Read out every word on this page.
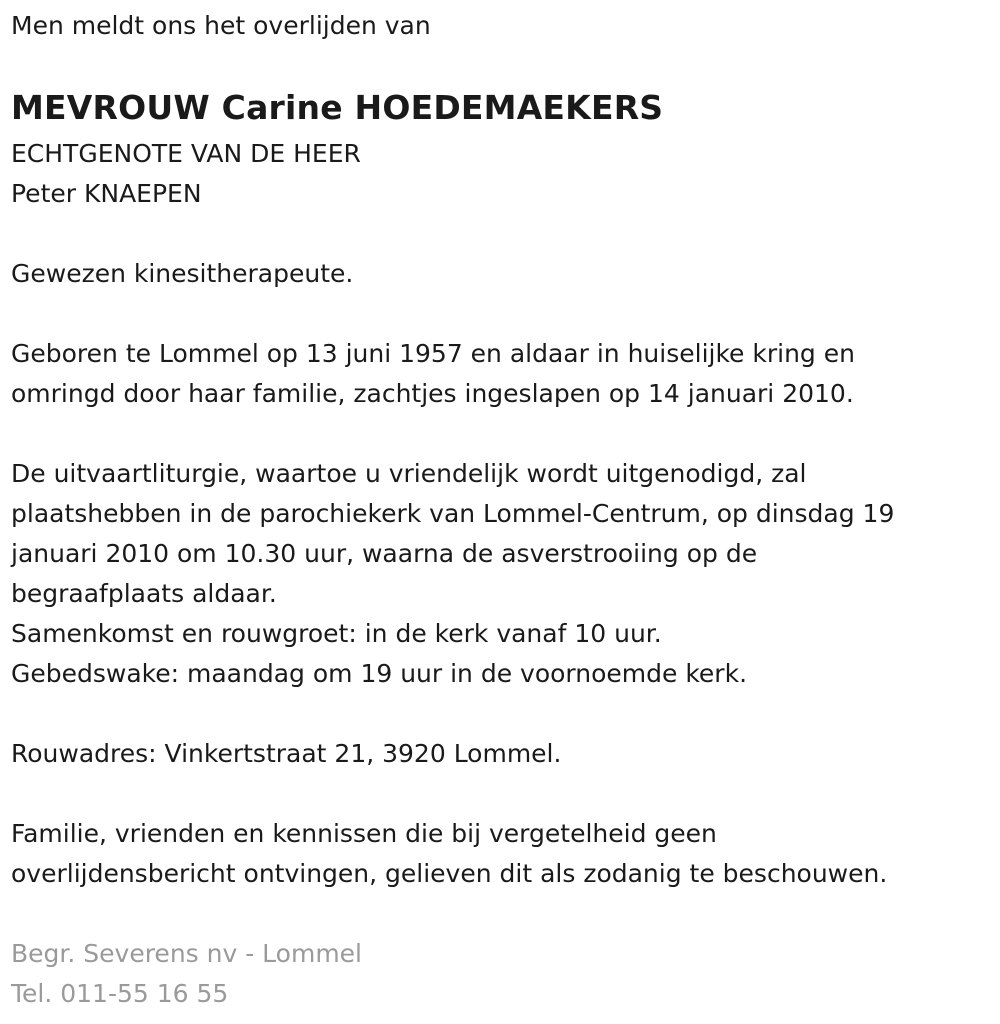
Men meldt ons het overlijden van

MEVROUW Carine HOEDEMAEKERS

ECHTGENOTE VAN DE HEER

Peter KNAEPEN

Gewezen kinesitherapeute.

Geboren te Lommel op 13 juni 1957 en aldaar in huiselijke kring en

omringd door haar familie, zachtjes ingeslapen op 14 januari 2010.

De uitvaartliturgie, waartoe u vriendelijk wordt uitgenodigd, zal

plaatshebben in de parochiekerk van Lommel-Centrum, op dinsdag 19

januari 2010 om 10.30 uur, waarna de asverstrooiing op de

begraafplaats aldaar.

Samenkomst en rouwgroet: in de kerk vanaf 10 uur.

Gebedswake: maandag om 19 uur in de voornoemde kerk.

Rouwadres: Vinkertstraat 21, 3920 Lommel.

Familie, vrienden en kennissen die bij vergetelheid geen

overlijdensbericht ontvingen, gelieven dit als zodanig te beschouwen.

Begr. Severens nv - Lommel

Tel. 011-55 16 55
